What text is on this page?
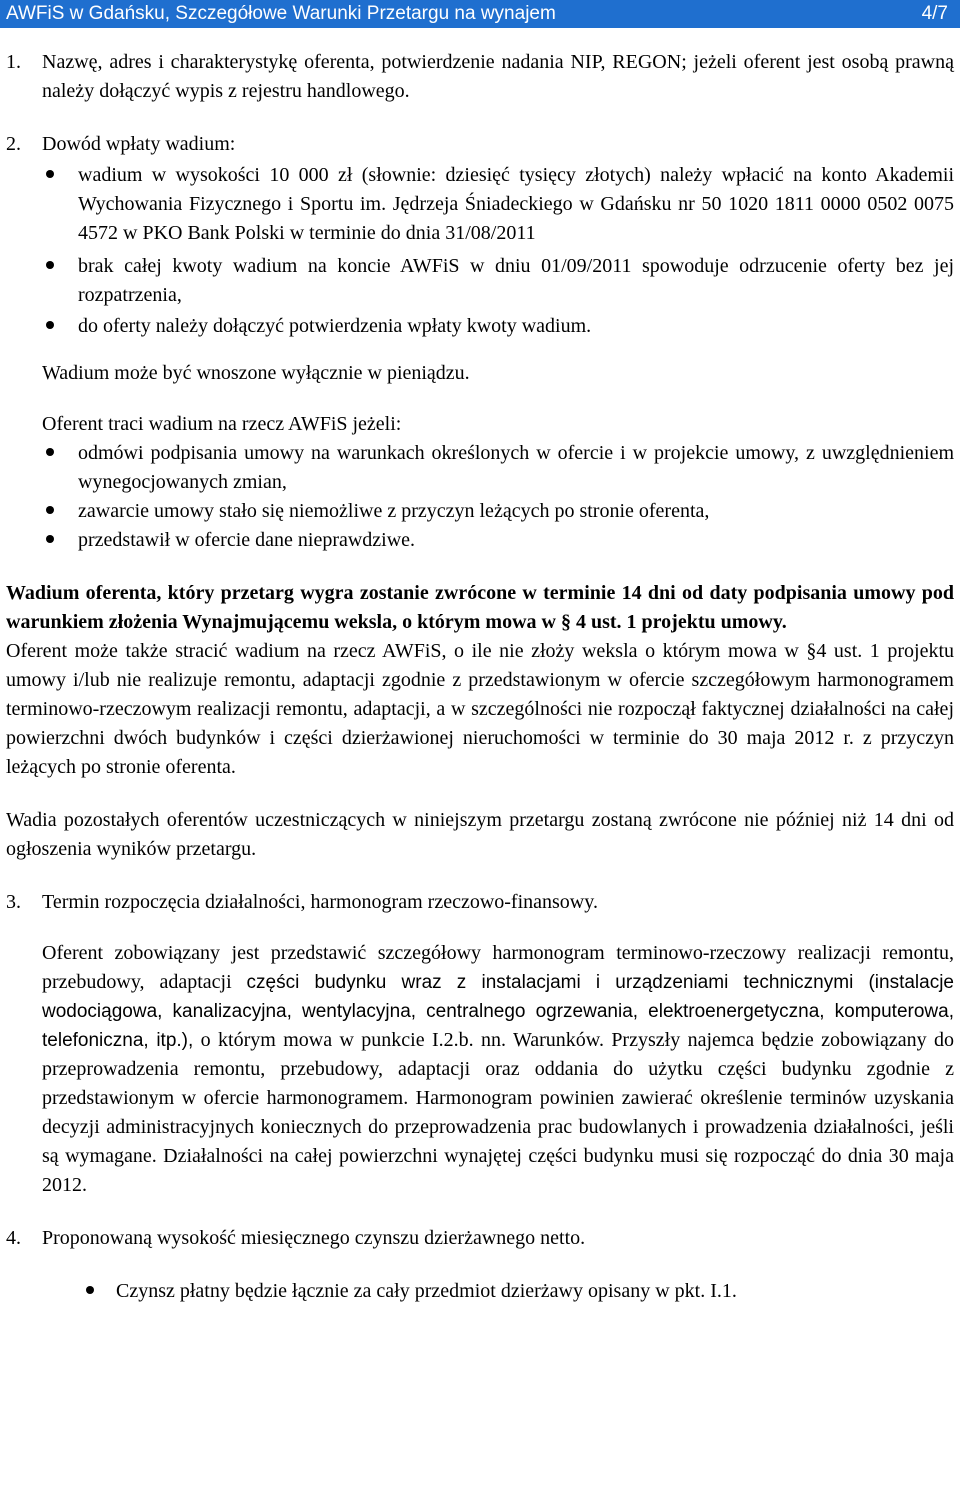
AWFiS w Gdańsku, Szczegółowe Warunki Przetargu na wynajem	4/7
1.	Nazwę, adres i charakterystykę oferenta, potwierdzenie nadania NIP, REGON; jeżeli oferent jest osobą prawną należy dołączyć wypis z rejestru handlowego.

2.	Dowód wpłaty wadium:

wadium w wysokości 10 000 zł (słownie: dziesięć tysięcy złotych) należy wpłacić na konto Akademii Wychowania Fizycznego i Sportu im. Jędrzeja Śniadeckiego w Gdańsku nr 50 1020 1811 0000 0502 0075 4572 w PKO Bank Polski w terminie do dnia 31/08/2011

brak całej kwoty wadium na koncie AWFiS w dniu 01/09/2011 spowoduje odrzucenie oferty bez jej rozpatrzenia,

do oferty należy dołączyć potwierdzenia wpłaty kwoty wadium.

Wadium może być wnoszone wyłącznie w pieniądzu.

Oferent traci wadium na rzecz AWFiS jeżeli:

odmówi podpisania umowy na warunkach określonych w ofercie i w projekcie umowy, z uwzględnieniem wynegocjowanych zmian,

zawarcie umowy stało się niemożliwe z przyczyn leżących po stronie oferenta,

przedstawił w ofercie dane nieprawdziwe.

Wadium oferenta, który przetarg wygra zostanie zwrócone w terminie 14 dni od daty podpisania umowy pod warunkiem złożenia Wynajmującemu weksla, o którym mowa w § 4 ust. 1 projektu umowy.

Oferent może także stracić wadium na rzecz AWFiS, o ile nie złoży weksla o którym mowa w §4 ust. 1 projektu umowy i/lub nie realizuje remontu, adaptacji zgodnie z przedstawionym w ofercie szczegółowym harmonogramem terminowo-rzeczowym realizacji remontu, adaptacji, a w szczególności nie rozpoczął faktycznej działalności na całej powierzchni dwóch budynków i części dzierżawionej nieruchomości w terminie do 30 maja 2012 r. z przyczyn leżących po stronie oferenta.

Wadia pozostałych oferentów uczestniczących w niniejszym przetargu zostaną zwrócone nie później niż 14 dni od ogłoszenia wyników przetargu.

3.	Termin rozpoczęcia działalności, harmonogram rzeczowo-finansowy.

Oferent zobowiązany jest przedstawić szczegółowy harmonogram terminowo-rzeczowy realizacji remontu, przebudowy, adaptacji części budynku wraz z instalacjami i urządzeniami technicznymi (instalacje wodociągowa, kanalizacyjna, wentylacyjna, centralnego ogrzewania, elektroenergetyczna, komputerowa, telefoniczna, itp.), o którym mowa w punkcie I.2.b. nn. Warunków. Przyszły najemca będzie zobowiązany do przeprowadzenia remontu, przebudowy, adaptacji oraz oddania do użytku części budynku zgodnie z przedstawionym w ofercie harmonogramem. Harmonogram powinien zawierać określenie terminów uzyskania decyzji administracyjnych koniecznych do przeprowadzenia prac budowlanych i prowadzenia działalności, jeśli są wymagane. Działalności na całej powierzchni wynajętej części budynku musi się rozpocząć do dnia 30 maja 2012.

4.	Proponowaną wysokość miesięcznego czynszu dzierżawnego netto.

Czynsz płatny będzie łącznie za cały przedmiot dzierżawy opisany w pkt. I.1.
